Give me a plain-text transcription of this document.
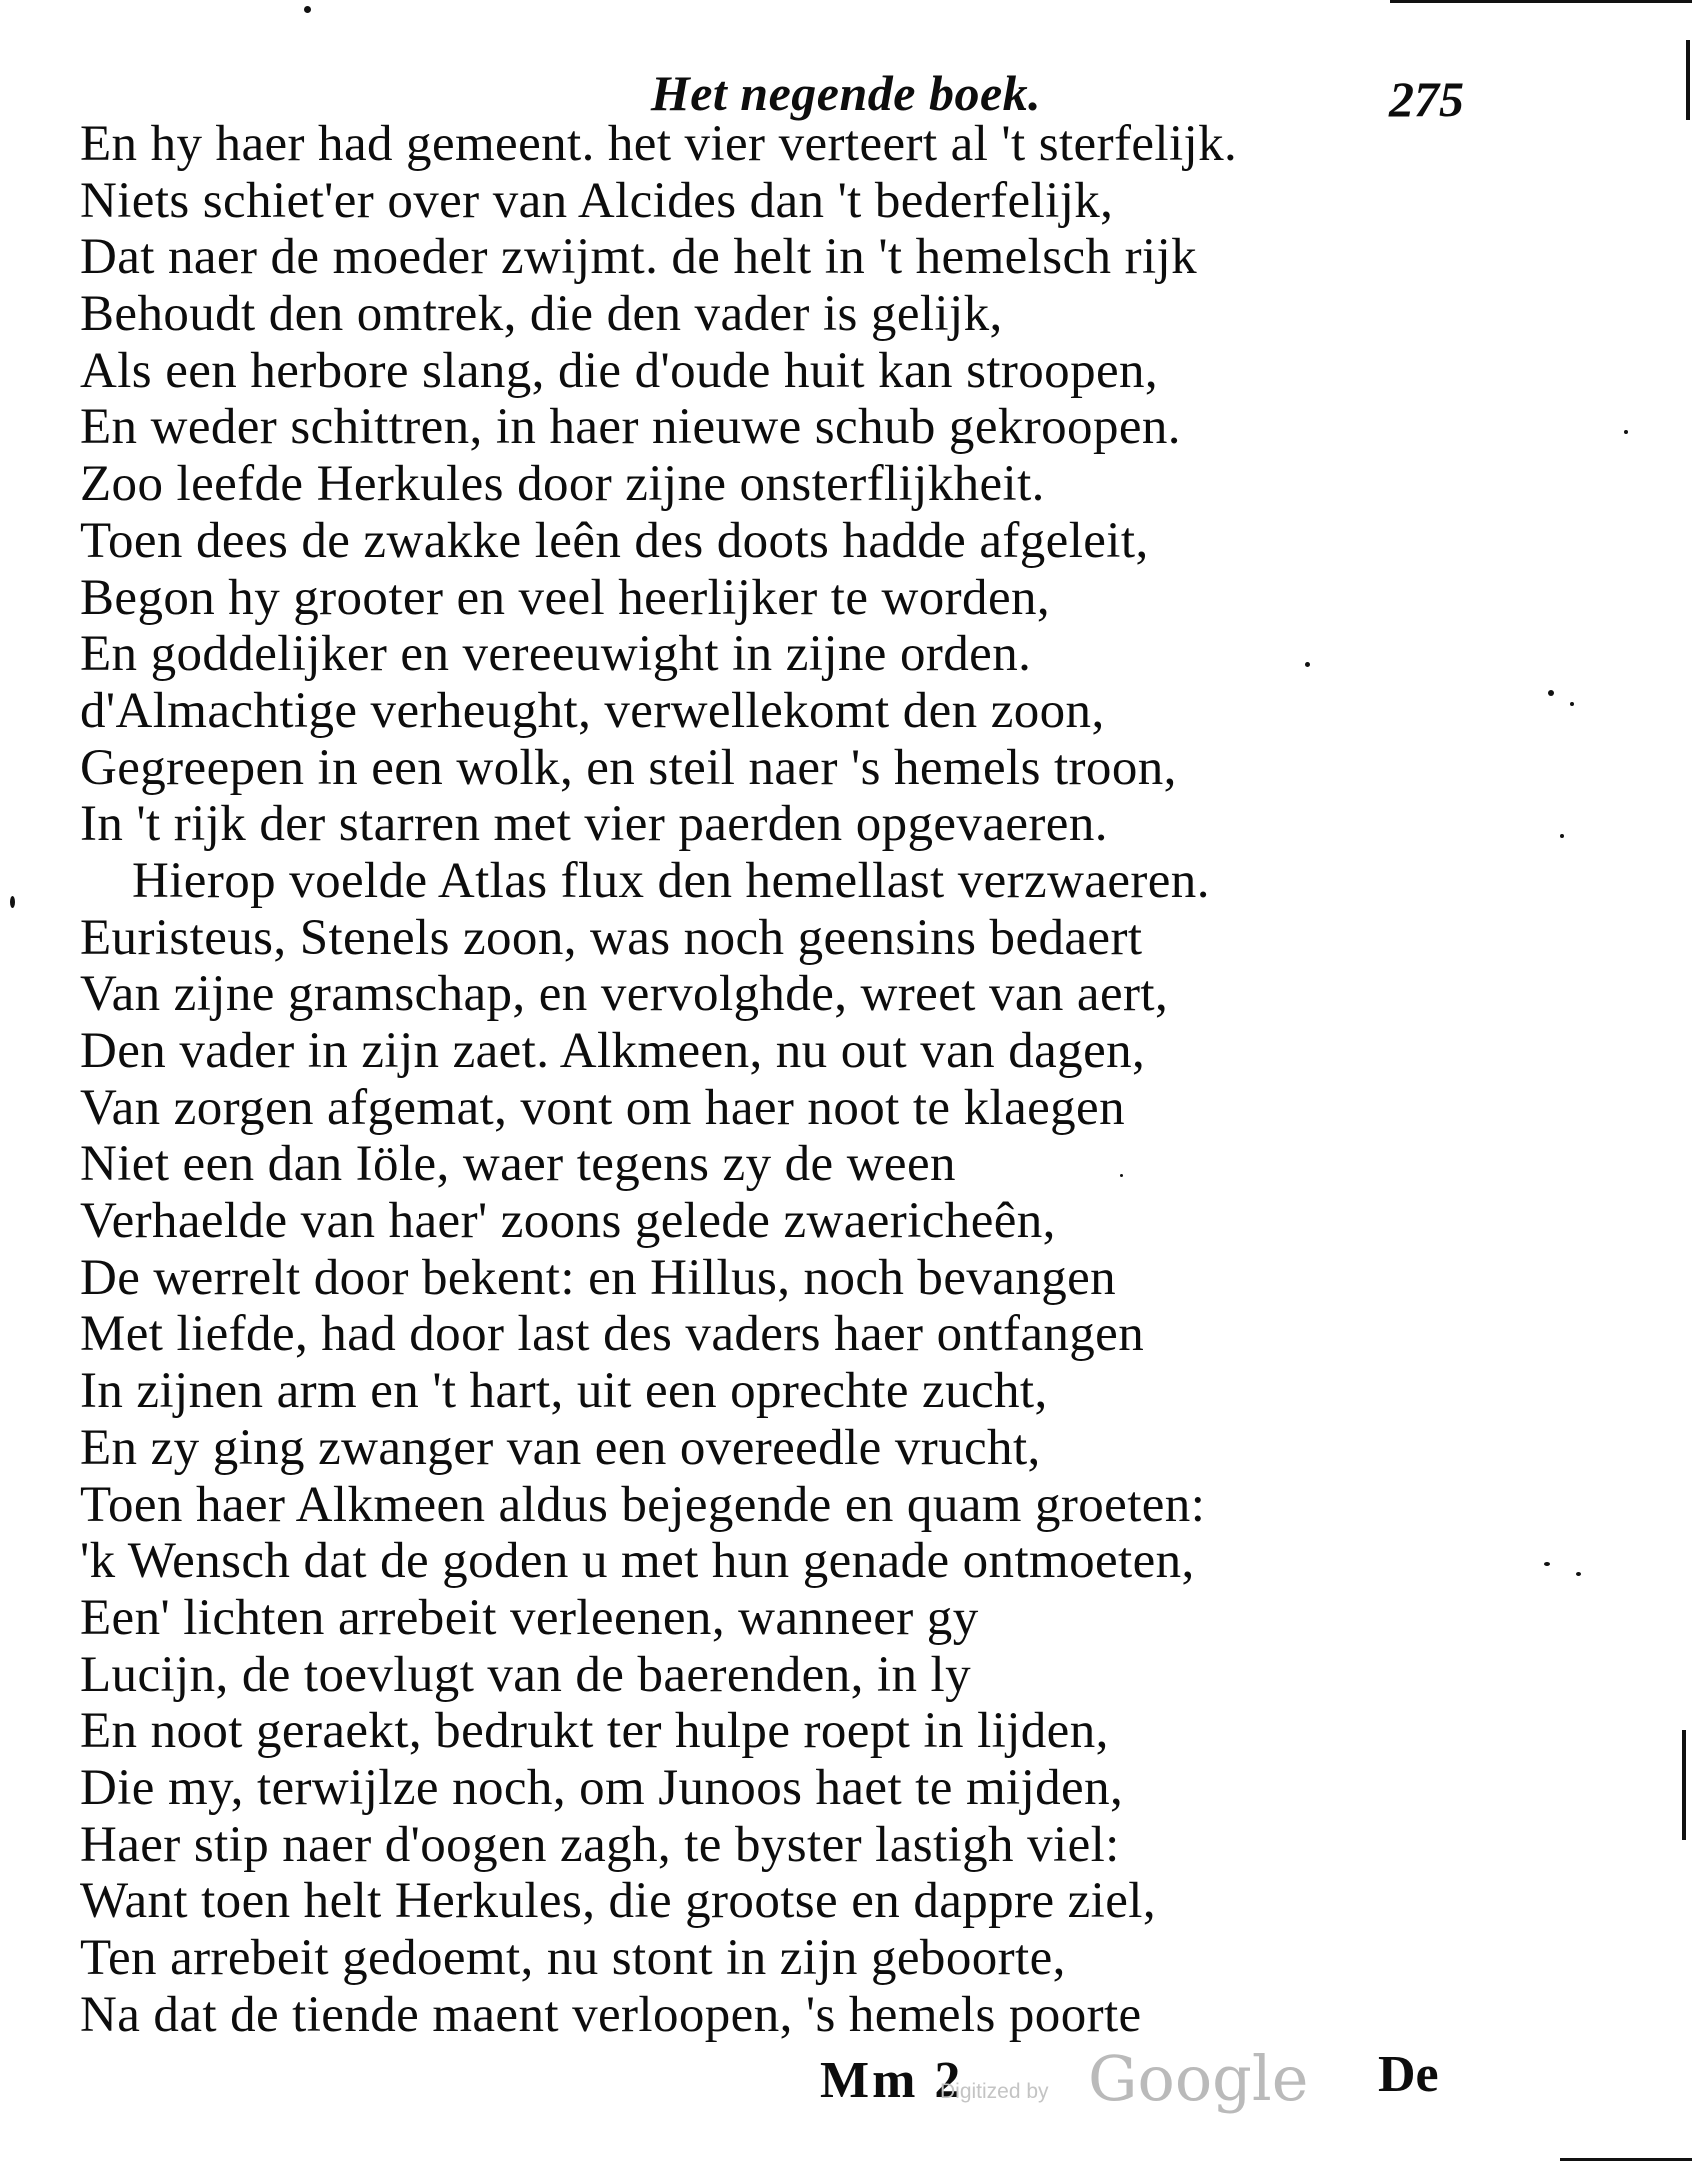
Het negende boek.	275
En hy haer had gemeent. het vier verteert al 't sterfelijk.
Niets schiet'er over van Alcides dan 't bederfelijk,
Dat naer de moeder zwijmt. de helt in 't hemelsch rijk
Behoudt den omtrek, die den vader is gelijk,
Als een herbore slang, die d'oude huit kan stroopen,
En weder schittren, in haer nieuwe schub gekroopen.
Zoo leefde Herkules door zijne onsterflijkheit.
Toen dees de zwakke leên des doots hadde afgeleit,
Begon hy grooter en veel heerlijker te worden,
En goddelijker en vereeuwight in zijne orden.
d'Almachtige verheught, verwellekomt den zoon,
Gegreepen in een wolk, en steil naer 's hemels troon,
In 't rijk der starren met vier paerden opgevaeren.
Hierop voelde Atlas flux den hemellast verzwaeren.
Euristeus, Stenels zoon, was noch geensins bedaert
Van zijne gramschap, en vervolghde, wreet van aert,
Den vader in zijn zaet. Alkmeen, nu out van dagen,
Van zorgen afgemat, vont om haer noot te klaegen
Niet een dan Iöle, waer tegens zy de ween
Verhaelde van haer' zoons gelede zwaericheên,
De werrelt door bekent: en Hillus, noch bevangen
Met liefde, had door last des vaders haer ontfangen
In zijnen arm en 't hart, uit een oprechte zucht,
En zy ging zwanger van een overeedle vrucht,
Toen haer Alkmeen aldus bejegende en quam groeten:
'k Wensch dat de goden u met hun genade ontmoeten,
Een' lichten arrebeit verleenen, wanneer gy
Lucijn, de toevlugt van de baerenden, in ly
En noot geraekt, bedrukt ter hulpe roept in lijden,
Die my, terwijlze noch, om Junoos haet te mijden,
Haer stip naer d'oogen zagh, te byster lastigh viel:
Want toen helt Herkules, die grootse en dappre ziel,
Ten arrebeit gedoemt, nu stont in zijn geboorte,
Na dat de tiende maent verloopen, 's hemels poorte
Mm 2
Digitized by Google De
